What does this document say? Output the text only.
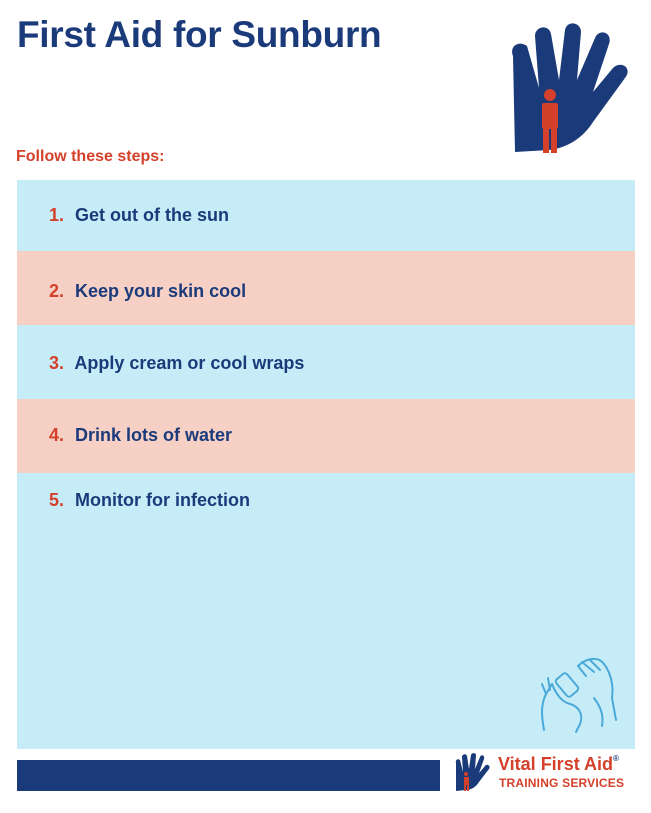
First Aid for Sunburn
Follow these steps:
1. Get out of the sun
2. Keep your skin cool
3. Apply cream or cool wraps
4. Drink lots of water
5. Monitor for infection
Vital First Aid®
TRAINING SERVICES
